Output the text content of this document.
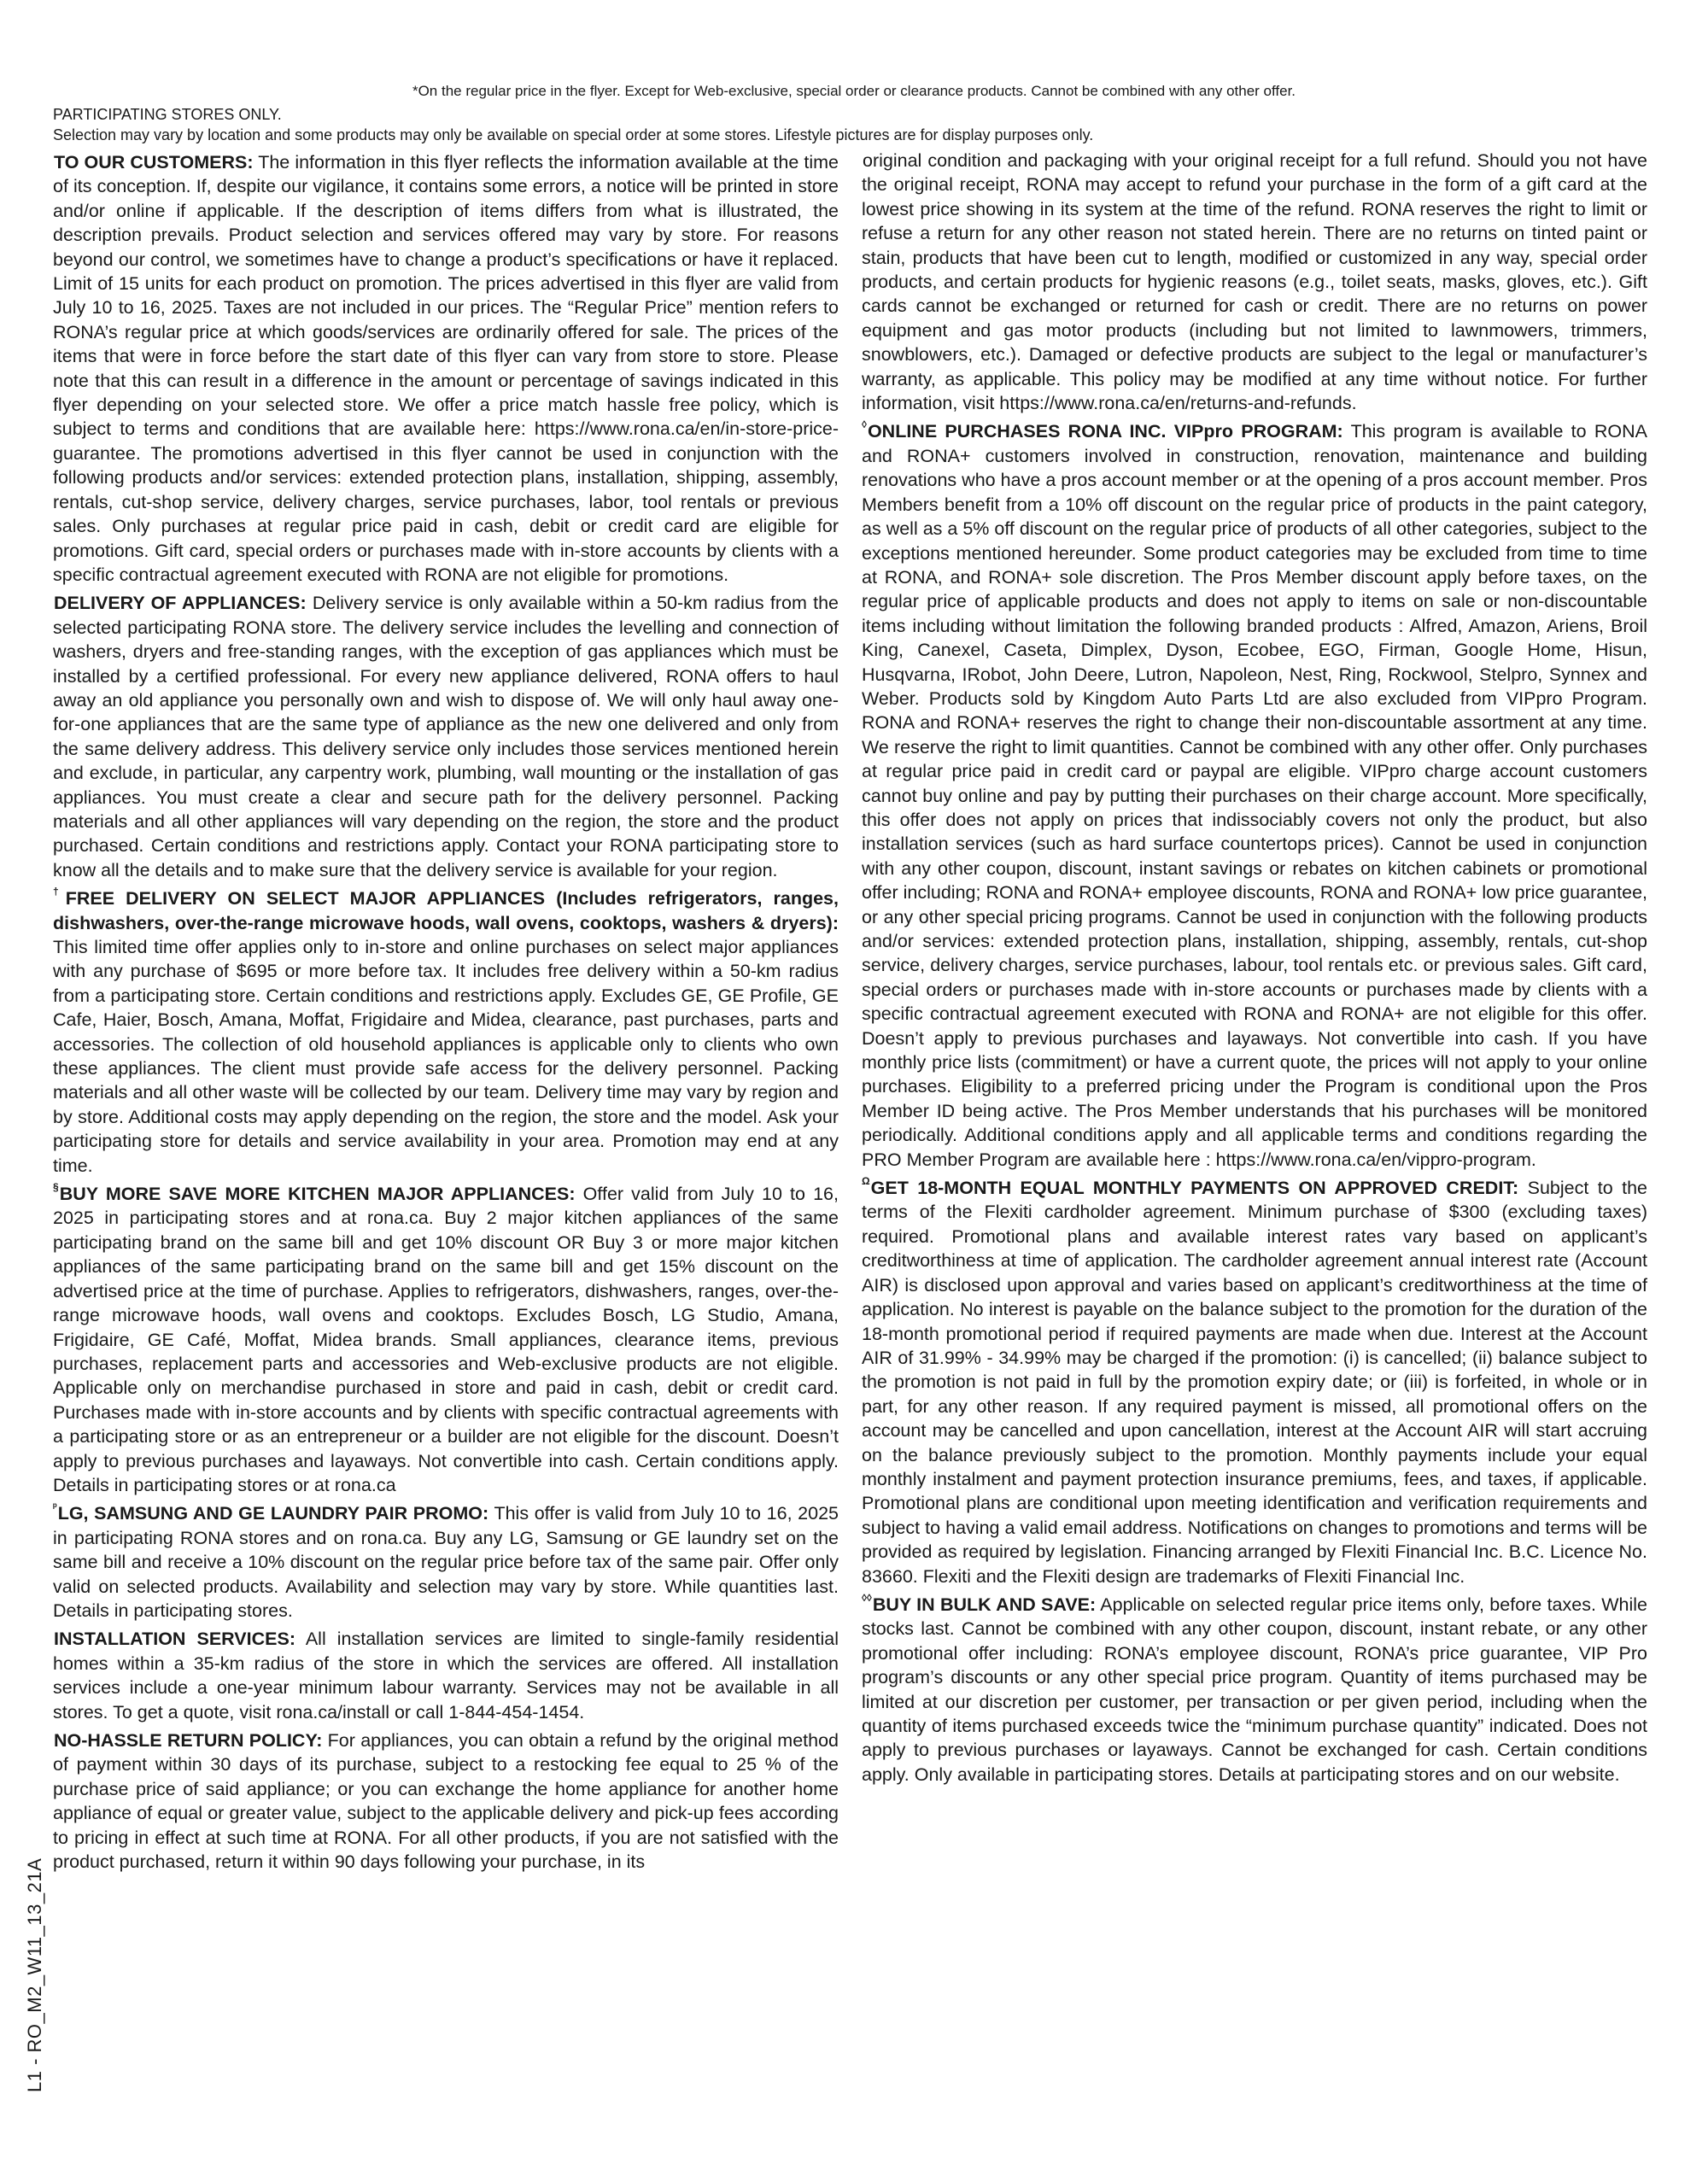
*On the regular price in the flyer. Except for Web-exclusive, special order or clearance products. Cannot be combined with any other offer.
PARTICIPATING STORES ONLY.
Selection may vary by location and some products may only be available on special order at some stores. Lifestyle pictures are for display purposes only.

TO OUR CUSTOMERS: The information in this flyer reflects the information available at the time of its conception. If, despite our vigilance, it contains some errors, a notice will be printed in store and/or online if applicable. If the description of items differs from what is illustrated, the description prevails. Product selection and services offered may vary by store. For reasons beyond our control, we sometimes have to change a product’s specifications or have it replaced. Limit of 15 units for each product on promotion. The prices advertised in this flyer are valid from July 10 to 16, 2025. Taxes are not included in our prices. The “Regular Price” mention refers to RONA’s regular price at which goods/services are ordinarily offered for sale. The prices of the items that were in force before the start date of this flyer can vary from store to store. Please note that this can result in a difference in the amount or percentage of savings indicated in this flyer depending on your selected store. We offer a price match hassle free policy, which is subject to terms and conditions that are available here: https://www.rona.ca/en/in-store-price-guarantee. The promotions advertised in this flyer cannot be used in conjunction with the following products and/or services: extended protection plans, installation, shipping, assembly, rentals, cut-shop service, delivery charges, service purchases, labor, tool rentals or previous sales. Only purchases at regular price paid in cash, debit or credit card are eligible for promotions. Gift card, special orders or purchases made with in-store accounts by clients with a specific contractual agreement executed with RONA are not eligible for promotions.

DELIVERY OF APPLIANCES: Delivery service is only available within a 50-km radius from the selected participating RONA store. The delivery service includes the levelling and connection of washers, dryers and free-standing ranges, with the exception of gas appliances which must be installed by a certified professional. For every new appliance delivered, RONA offers to haul away an old appliance you personally own and wish to dispose of. We will only haul away one-for-one appliances that are the same type of appliance as the new one delivered and only from the same delivery address. This delivery service only includes those services mentioned herein and exclude, in particular, any carpentry work, plumbing, wall mounting or the installation of gas appliances. You must create a clear and secure path for the delivery personnel. Packing materials and all other appliances will vary depending on the region, the store and the product purchased. Certain conditions and restrictions apply. Contact your RONA participating store to know all the details and to make sure that the delivery service is available for your region.

†FREE DELIVERY ON SELECT MAJOR APPLIANCES (Includes refrigerators, ranges, dishwashers, over-the-range microwave hoods, wall ovens, cooktops, washers & dryers): This limited time offer applies only to in-store and online purchases on select major appliances with any purchase of $695 or more before tax. It includes free delivery within a 50-km radius from a participating store. Certain conditions and restrictions apply. Excludes GE, GE Profile, GE Cafe, Haier, Bosch, Amana, Moffat, Frigidaire and Midea, clearance, past purchases, parts and accessories. The collection of old household appliances is applicable only to clients who own these appliances. The client must provide safe access for the delivery personnel. Packing materials and all other waste will be collected by our team. Delivery time may vary by region and by store. Additional costs may apply depending on the region, the store and the model. Ask your participating store for details and service availability in your area. Promotion may end at any time.

§BUY MORE SAVE MORE KITCHEN MAJOR APPLIANCES: Offer valid from July 10 to 16, 2025 in participating stores and at rona.ca. Buy 2 major kitchen appliances of the same participating brand on the same bill and get 10% discount OR Buy 3 or more major kitchen appliances of the same participating brand on the same bill and get 15% discount on the advertised price at the time of purchase. Applies to refrigerators, dishwashers, ranges, over-the-range microwave hoods, wall ovens and cooktops. Excludes Bosch, LG Studio, Amana, Frigidaire, GE Café, Moffat, Midea brands. Small appliances, clearance items, previous purchases, replacement parts and accessories and Web-exclusive products are not eligible. Applicable only on merchandise purchased in store and paid in cash, debit or credit card. Purchases made with in-store accounts and by clients with specific contractual agreements with a participating store or as an entrepreneur or a builder are not eligible for the discount. Doesn’t apply to previous purchases and layaways. Not convertible into cash. Certain conditions apply. Details in participating stores or at rona.ca

$^ᵖ$LG, SAMSUNG AND GE LAUNDRY PAIR PROMO: This offer is valid from July 10 to 16, 2025 in participating RONA stores and on rona.ca. Buy any LG, Samsung or GE laundry set on the same bill and receive a 10% discount on the regular price before tax of the same pair. Offer only valid on selected products. Availability and selection may vary by store. While quantities last. Details in participating stores.

INSTALLATION SERVICES: All installation services are limited to single-family residential homes within a 35-km radius of the store in which the services are offered. All installation services include a one-year minimum labour warranty. Services may not be available in all stores. To get a quote, visit rona.ca/install or call 1-844-454-1454.

NO-HASSLE RETURN POLICY: For appliances, you can obtain a refund by the original method of payment within 30 days of its purchase, subject to a restocking fee equal to 25 % of the purchase price of said appliance; or you can exchange the home appliance for another home appliance of equal or greater value, subject to the applicable delivery and pick-up fees according to pricing in effect at such time at RONA. For all other products, if you are not satisfied with the product purchased, return it within 90 days following your purchase, in its

original condition and packaging with your original receipt for a full refund. Should you not have the original receipt, RONA may accept to refund your purchase in the form of a gift card at the lowest price showing in its system at the time of the refund. RONA reserves the right to limit or refuse a return for any other reason not stated herein. There are no returns on tinted paint or stain, products that have been cut to length, modified or customized in any way, special order products, and certain products for hygienic reasons (e.g., toilet seats, masks, gloves, etc.). Gift cards cannot be exchanged or returned for cash or credit. There are no returns on power equipment and gas motor products (including but not limited to lawnmowers, trimmers, snowblowers, etc.). Damaged or defective products are subject to the legal or manufacturer’s warranty, as applicable. This policy may be modified at any time without notice. For further information, visit https://www.rona.ca/en/returns-and-refunds.

◊ONLINE PURCHASES RONA INC. VIPpro PROGRAM: This program is available to RONA and RONA+ customers involved in construction, renovation, maintenance and building renovations who have a pros account member or at the opening of a pros account member. Pros Members benefit from a 10% off discount on the regular price of products in the paint category, as well as a 5% off discount on the regular price of products of all other categories, subject to the exceptions mentioned hereunder. Some product categories may be excluded from time to time at RONA, and RONA+ sole discretion. The Pros Member discount apply before taxes, on the regular price of applicable products and does not apply to items on sale or non-discountable items including without limitation the following branded products : Alfred, Amazon, Ariens, Broil King, Canexel, Caseta, Dimplex, Dyson, Ecobee, EGO, Firman, Google Home, Hisun, Husqvarna, IRobot, John Deere, Lutron, Napoleon, Nest, Ring, Rockwool, Stelpro, Synnex and Weber. Products sold by Kingdom Auto Parts Ltd are also excluded from VIPpro Program. RONA and RONA+ reserves the right to change their non-discountable assortment at any time. We reserve the right to limit quantities. Cannot be combined with any other offer. Only purchases at regular price paid in credit card or paypal are eligible. VIPpro charge account customers cannot buy online and pay by putting their purchases on their charge account. More specifically, this offer does not apply on prices that indissociably covers not only the product, but also installation services (such as hard surface countertops prices). Cannot be used in conjunction with any other coupon, discount, instant savings or rebates on kitchen cabinets or promotional offer including; RONA and RONA+ employee discounts, RONA and RONA+ low price guarantee, or any other special pricing programs. Cannot be used in conjunction with the following products and/or services: extended protection plans, installation, shipping, assembly, rentals, cut-shop service, delivery charges, service purchases, labour, tool rentals etc. or previous sales. Gift card, special orders or purchases made with in-store accounts or purchases made by clients with a specific contractual agreement executed with RONA and RONA+ are not eligible for this offer. Doesn’t apply to previous purchases and layaways. Not convertible into cash. If you have monthly price lists (commitment) or have a current quote, the prices will not apply to your online purchases. Eligibility to a preferred pricing under the Program is conditional upon the Pros Member ID being active. The Pros Member understands that his purchases will be monitored periodically. Additional conditions apply and all applicable terms and conditions regarding the PRO Member Program are available here : https://www.rona.ca/en/vippro-program.

$^\Omega$GET 18-MONTH EQUAL MONTHLY PAYMENTS ON APPROVED CREDIT: Subject to the terms of the Flexiti cardholder agreement. Minimum purchase of $300 (excluding taxes) required. Promotional plans and available interest rates vary based on applicant’s creditworthiness at time of application. The cardholder agreement annual interest rate (Account AIR) is disclosed upon approval and varies based on applicant’s creditworthiness at the time of application. No interest is payable on the balance subject to the promotion for the duration of the 18-month promotional period if required payments are made when due. Interest at the Account AIR of 31.99% - 34.99% may be charged if the promotion: (i) is cancelled; (ii) balance subject to the promotion is not paid in full by the promotion expiry date; or (iii) is forfeited, in whole or in part, for any other reason. If any required payment is missed, all promotional offers on the account may be cancelled and upon cancellation, interest at the Account AIR will start accruing on the balance previously subject to the promotion. Monthly payments include your equal monthly instalment and payment protection insurance premiums, fees, and taxes, if applicable. Promotional plans are conditional upon meeting identification and verification requirements and subject to having a valid email address. Notifications on changes to promotions and terms will be provided as required by legislation. Financing arranged by Flexiti Financial Inc. B.C. Licence No. 83660. Flexiti and the Flexiti design are trademarks of Flexiti Financial Inc.

◊◊BUY IN BULK AND SAVE: Applicable on selected regular price items only, before taxes. While stocks last. Cannot be combined with any other coupon, discount, instant rebate, or any other promotional offer including: RONA’s employee discount, RONA’s price guarantee, VIP Pro program’s discounts or any other special price program. Quantity of items purchased may be limited at our discretion per customer, per transaction or per given period, including when the quantity of items purchased exceeds twice the “minimum purchase quantity” indicated. Does not apply to previous purchases or layaways. Cannot be exchanged for cash. Certain conditions apply. Only available in participating stores. Details at participating stores and on our website.

L1 - RO_M2_W11_13_21A
